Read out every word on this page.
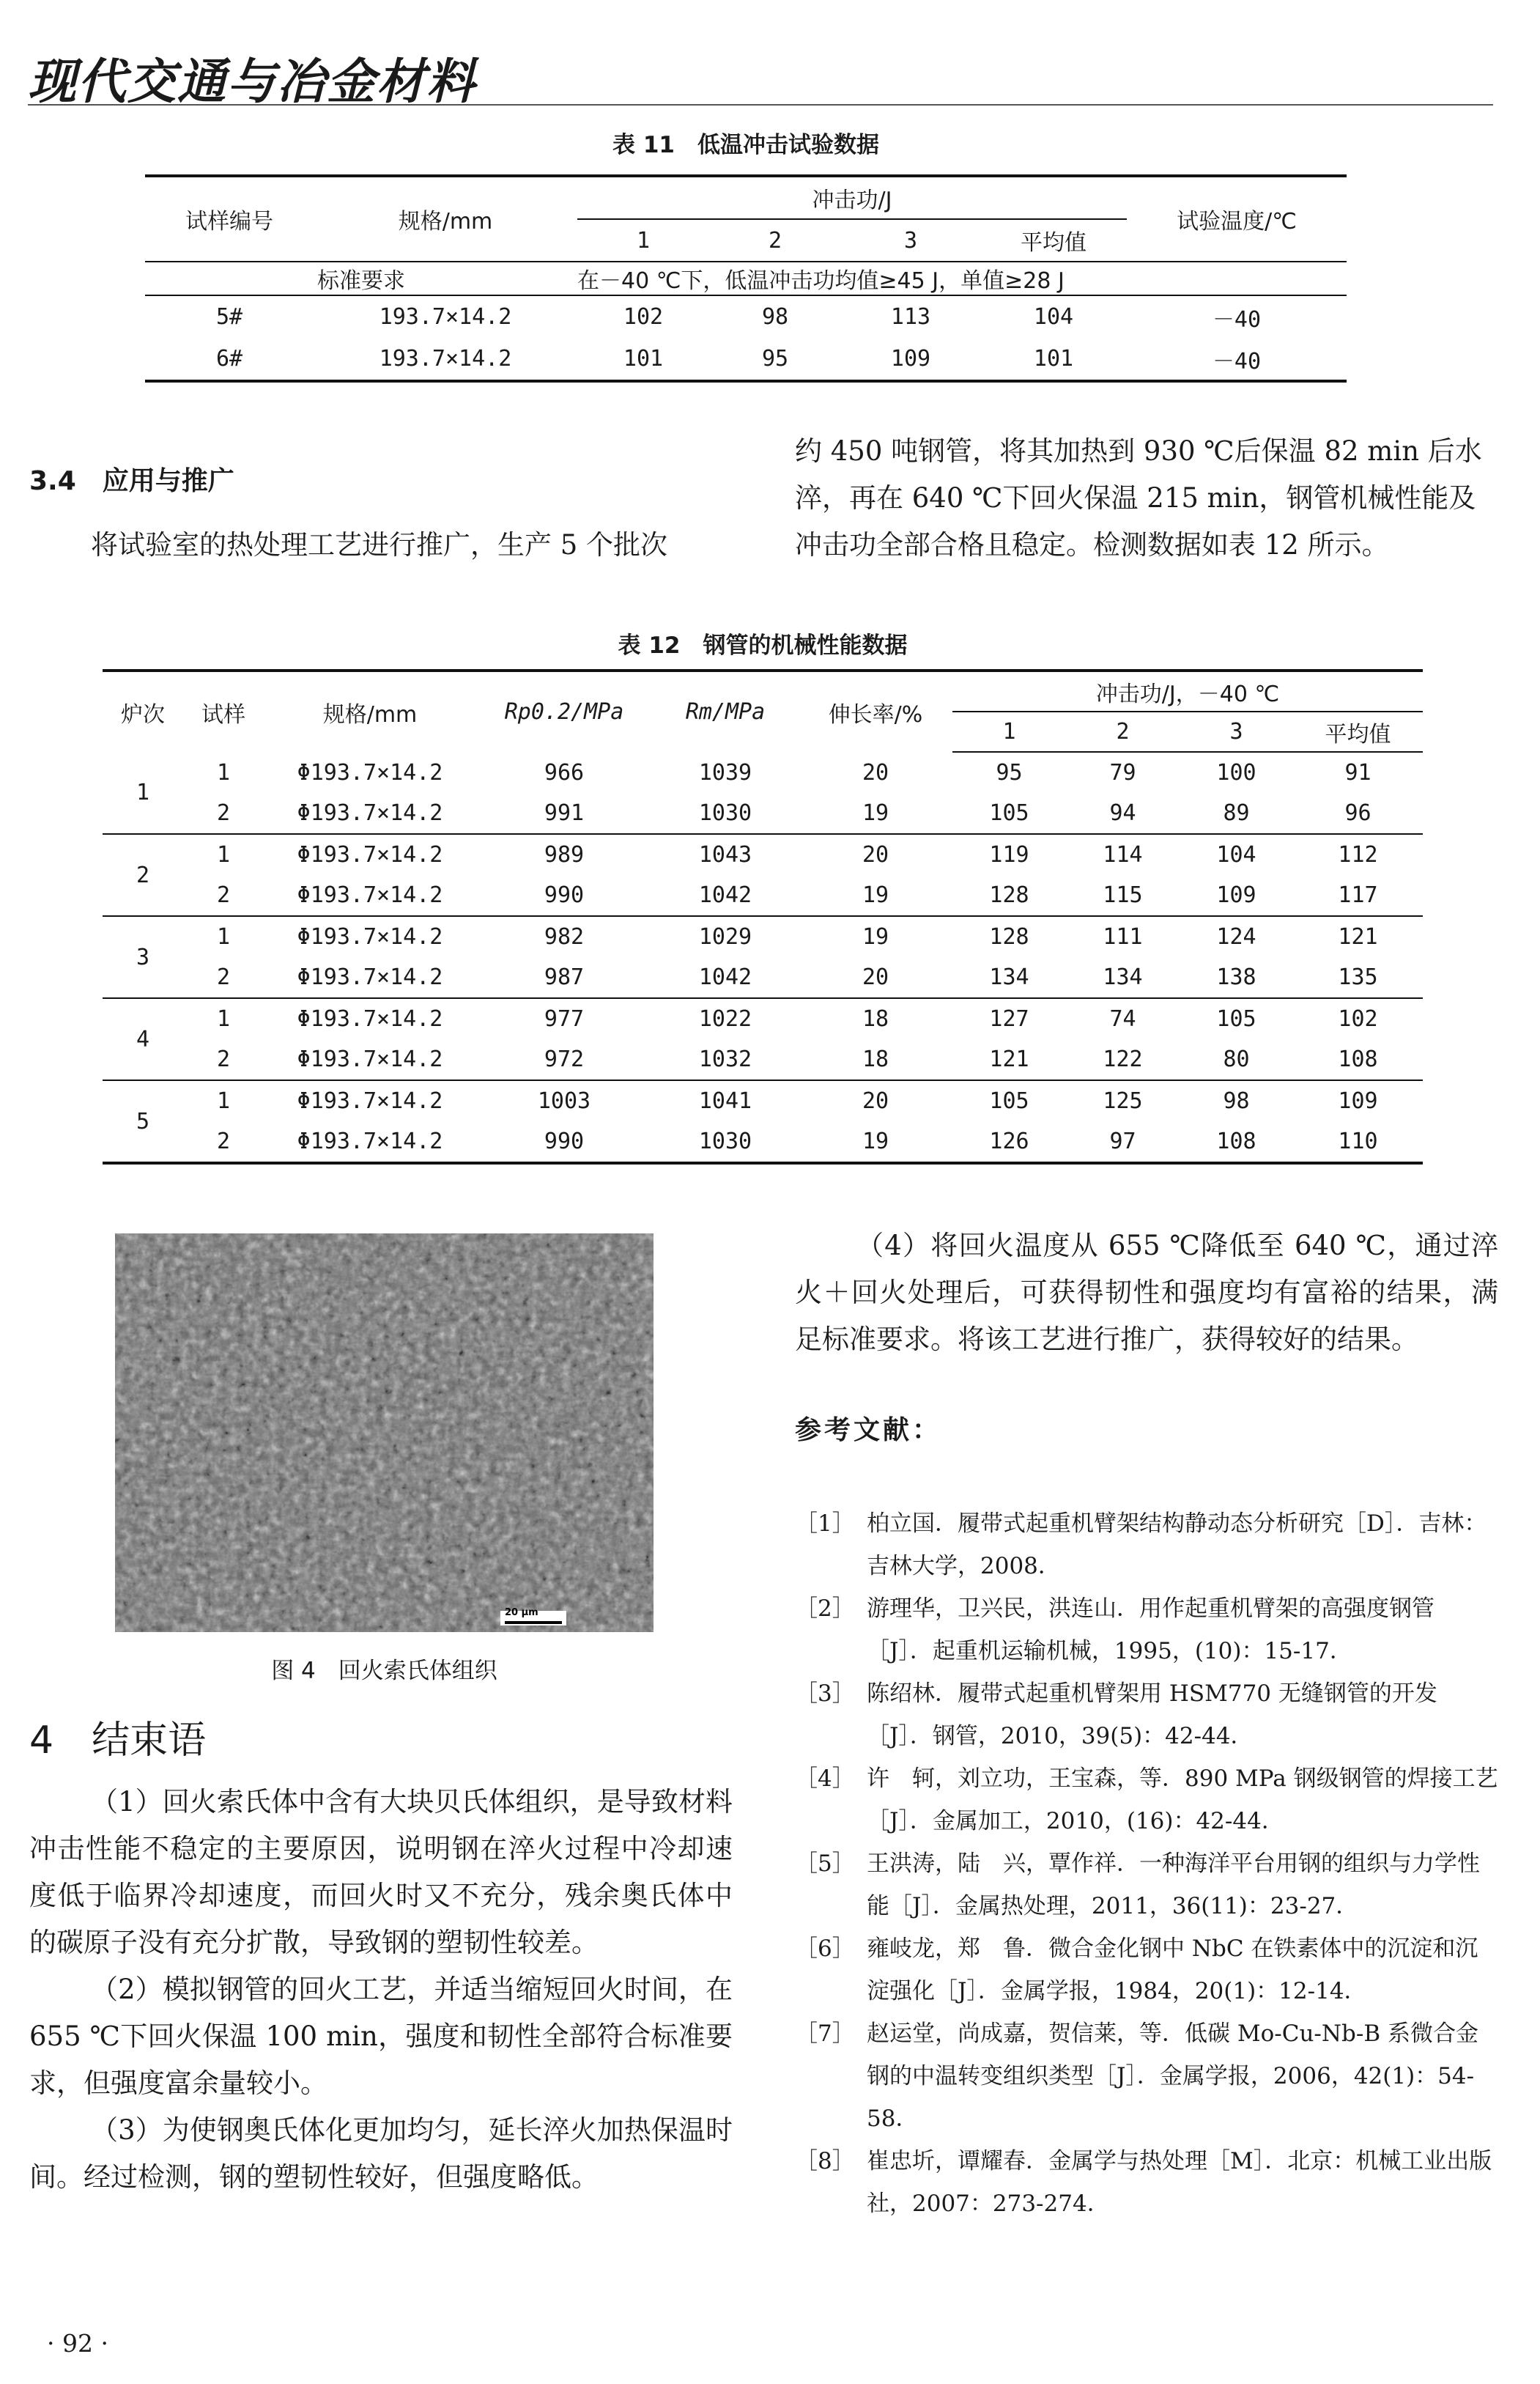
现代交通与冶金材料
表 11　低温冲击试验数据
试样编号	规格/mm	冲击功/J				试验温度/℃
		1	2	3	平均值	
标准要求		在－40 ℃下，低温冲击功均值≥45 J，单值≥28 J				
5#	193.7×14.2	102	98	113	104	－40
6#	193.7×14.2	101	95	109	101	－40
3.4　应用与推广
将试验室的热处理工艺进行推广，生产 5 个批次
约 450 吨钢管，将其加热到 930 ℃后保温 82 min 后水
淬，再在 640 ℃下回火保温 215 min，钢管机械性能及
冲击功全部合格且稳定。检测数据如表 12 所示。
表 12　钢管的机械性能数据
炉次	试样	规格/mm	Rp0.2/MPa	Rm/MPa	伸长率/%	冲击功/J，－40 ℃			
						1	2	3	平均值
1	1	Φ193.7×14.2	966	1039	20	95	79	100	91
	2	Φ193.7×14.2	991	1030	19	105	94	89	96
2	1	Φ193.7×14.2	989	1043	20	119	114	104	112
	2	Φ193.7×14.2	990	1042	19	128	115	109	117
3	1	Φ193.7×14.2	982	1029	19	128	111	124	121
	2	Φ193.7×14.2	987	1042	20	134	134	138	135
4	1	Φ193.7×14.2	977	1022	18	127	74	105	102
	2	Φ193.7×14.2	972	1032	18	121	122	80	108
5	1	Φ193.7×14.2	1003	1041	20	105	125	98	109
	2	Φ193.7×14.2	990	1030	19	126	97	108	110
20 μm
图 4　回火索氏体组织
4　结束语
（1）回火索氏体中含有大块贝氏体组织，是导致材料冲击性能不稳定的主要原因，说明钢在淬火过程中冷却速度低于临界冷却速度，而回火时又不充分，残余奥氏体中的碳原子没有充分扩散，导致钢的塑韧性较差。
（2）模拟钢管的回火工艺，并适当缩短回火时间，在 655 ℃下回火保温 100 min，强度和韧性全部符合标准要求，但强度富余量较小。
（3）为使钢奥氏体化更加均匀，延长淬火加热保温时间。经过检测，钢的塑韧性较好，但强度略低。
（4）将回火温度从 655 ℃降低至 640 ℃，通过淬火＋回火处理后，可获得韧性和强度均有富裕的结果，满足标准要求。将该工艺进行推广，获得较好的结果。
参考文献：
［1］ 柏立国．履带式起重机臂架结构静动态分析研究［D］．吉林：吉林大学，2008．
［2］ 游理华，卫兴民，洪连山．用作起重机臂架的高强度钢管［J］．起重机运输机械，1995，(10)：15-17．
［3］ 陈绍林．履带式起重机臂架用 HSM770 无缝钢管的开发［J］．钢管，2010，39(5)：42-44．
［4］ 许　轲，刘立功，王宝森，等．890 MPa 钢级钢管的焊接工艺［J］．金属加工，2010，(16)：42-44．
［5］ 王洪涛，陆　兴，覃作祥．一种海洋平台用钢的组织与力学性能［J］．金属热处理，2011，36(11)：23-27．
［6］ 雍岐龙，郑　鲁．微合金化钢中 NbC 在铁素体中的沉淀和沉淀强化［J］．金属学报，1984，20(1)：12-14．
［7］ 赵运堂，尚成嘉，贺信莱，等．低碳 Mo-Cu-Nb-B 系微合金钢的中温转变组织类型［J］．金属学报，2006，42(1)：54-58．
［8］ 崔忠圻，谭耀春．金属学与热处理［M］．北京：机械工业出版社，2007：273-274．
· 92 ·
